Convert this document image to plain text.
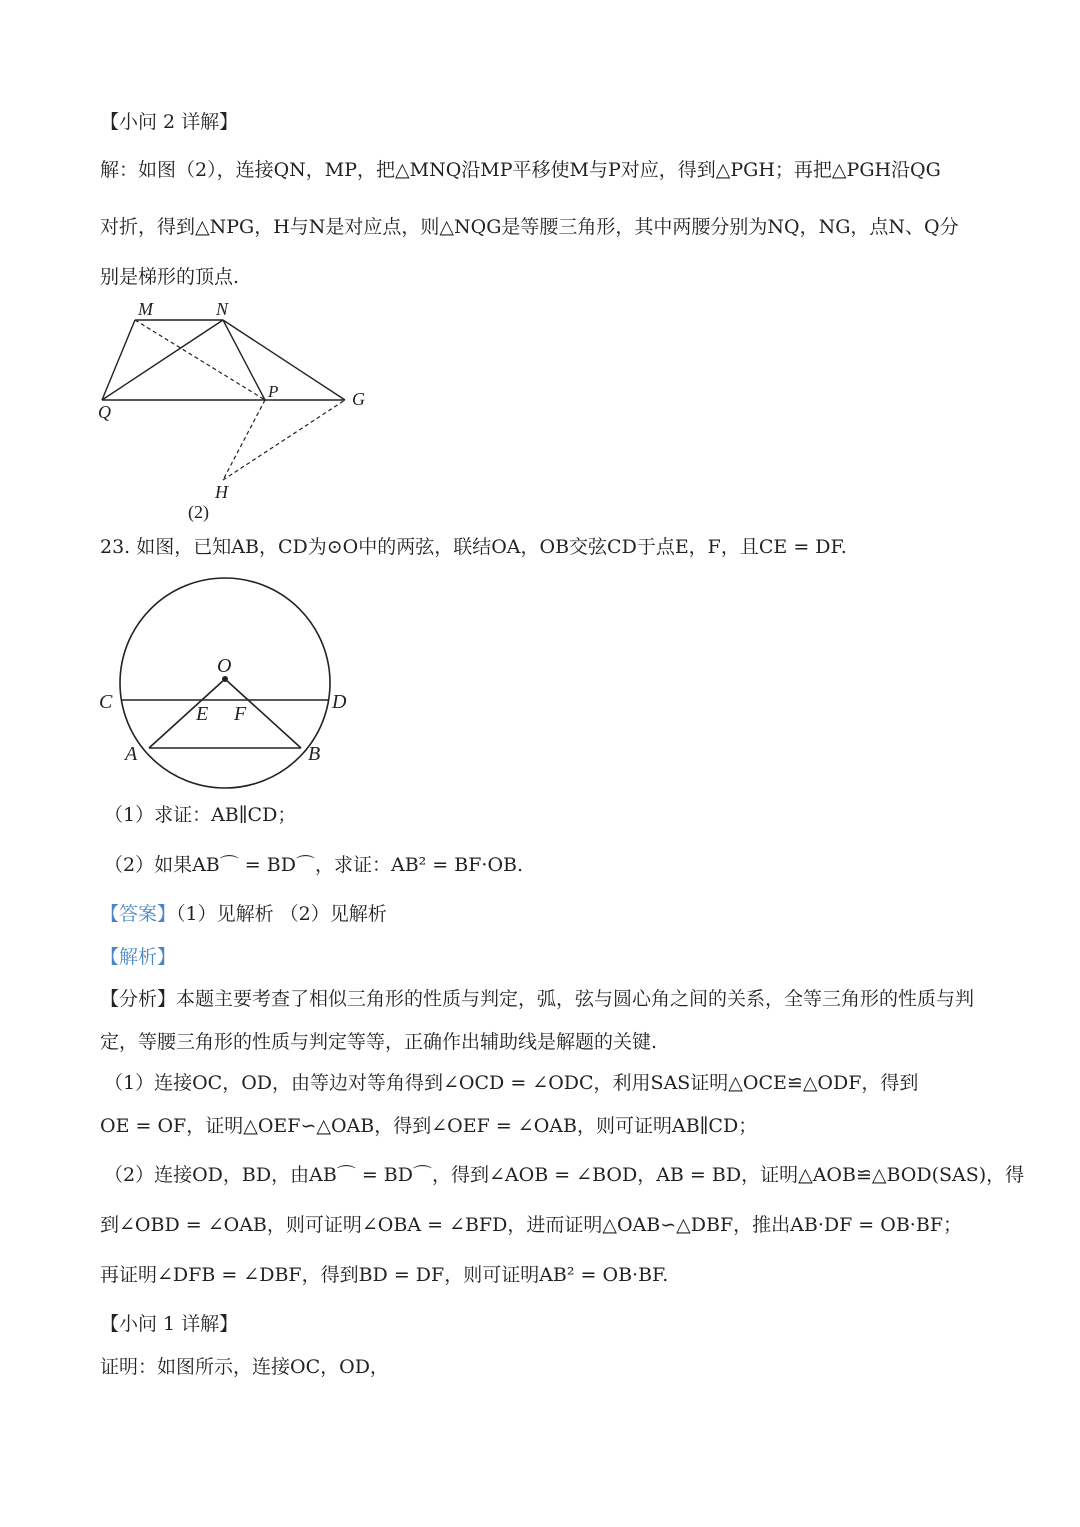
【小问 2 详解】
解：如图（2），连接QN，MP，把△MNQ沿MP平移使M与P对应，得到△PGH；再把△PGH沿QG
对折，得到△NPG，H与N是对应点，则△NQG是等腰三角形，其中两腰分别为NQ，NG，点N、Q分
别是梯形的顶点.
M	N
P	G
Q
H
(2)
23. 如图，已知AB，CD为⊙O中的两弦，联结OA，OB交弦CD于点E，F，且CE = DF.
O
C	D
E F
A	B
（1）求证：AB∥CD；
（2）如果AB⌒ = BD⌒，求证：AB² = BF·OB.
【答案】（1）见解析 （2）见解析
【解析】
【分析】本题主要考查了相似三角形的性质与判定，弧，弦与圆心角之间的关系，全等三角形的性质与判
定，等腰三角形的性质与判定等等，正确作出辅助线是解题的关键.
（1）连接OC，OD，由等边对等角得到∠OCD = ∠ODC，利用SAS证明△OCE≌△ODF，得到
OE = OF，证明△OEF∽△OAB，得到∠OEF = ∠OAB，则可证明AB∥CD；
（2）连接OD，BD，由AB⌒ = BD⌒，得到∠AOB = ∠BOD，AB = BD，证明△AOB≌△BOD(SAS)，得
到∠OBD = ∠OAB，则可证明∠OBA = ∠BFD，进而证明△OAB∽△DBF，推出AB·DF = OB·BF；
再证明∠DFB = ∠DBF，得到BD = DF，则可证明AB² = OB·BF.
【小问 1 详解】
证明：如图所示，连接OC，OD，
